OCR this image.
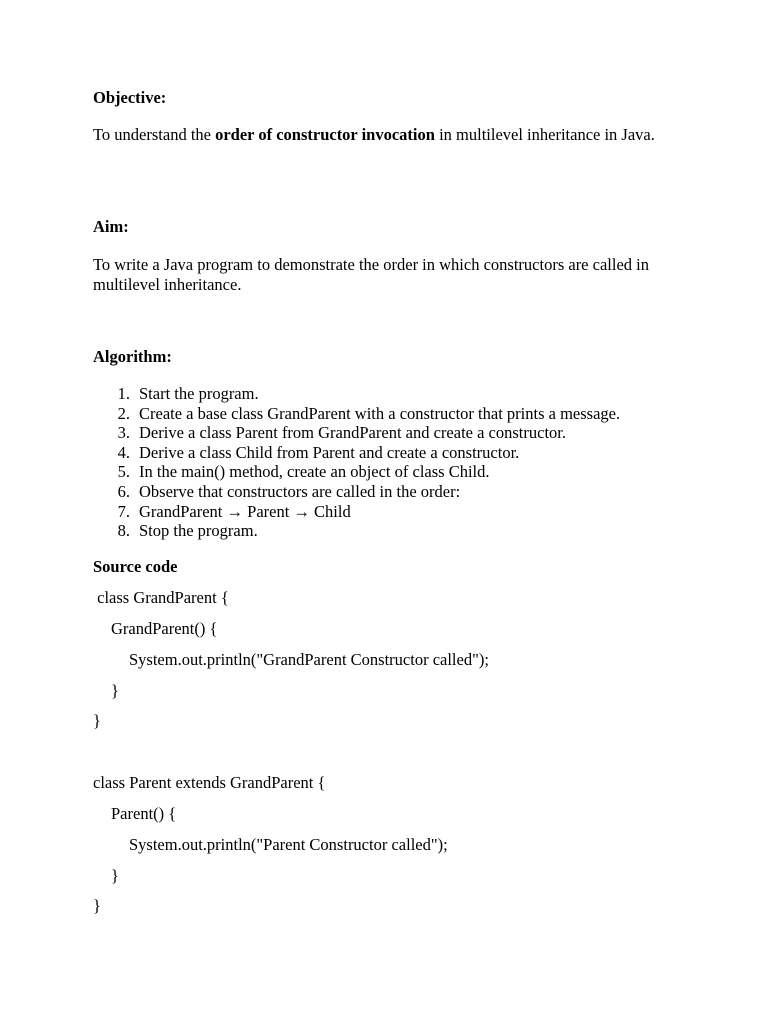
Objective:
To understand the order of constructor invocation in multilevel inheritance in Java.
Aim:
To write a Java program to demonstrate the order in which constructors are called in multilevel inheritance.
Algorithm:
1. Start the program.
2. Create a base class GrandParent with a constructor that prints a message.
3. Derive a class Parent from GrandParent and create a constructor.
4. Derive a class Child from Parent and create a constructor.
5. In the main() method, create an object of class Child.
6. Observe that constructors are called in the order:
7. GrandParent → Parent → Child
8. Stop the program.
Source code
class GrandParent {
GrandParent() {
System.out.println("GrandParent Constructor called");
}
}
class Parent extends GrandParent {
Parent() {
System.out.println("Parent Constructor called");
}
}
